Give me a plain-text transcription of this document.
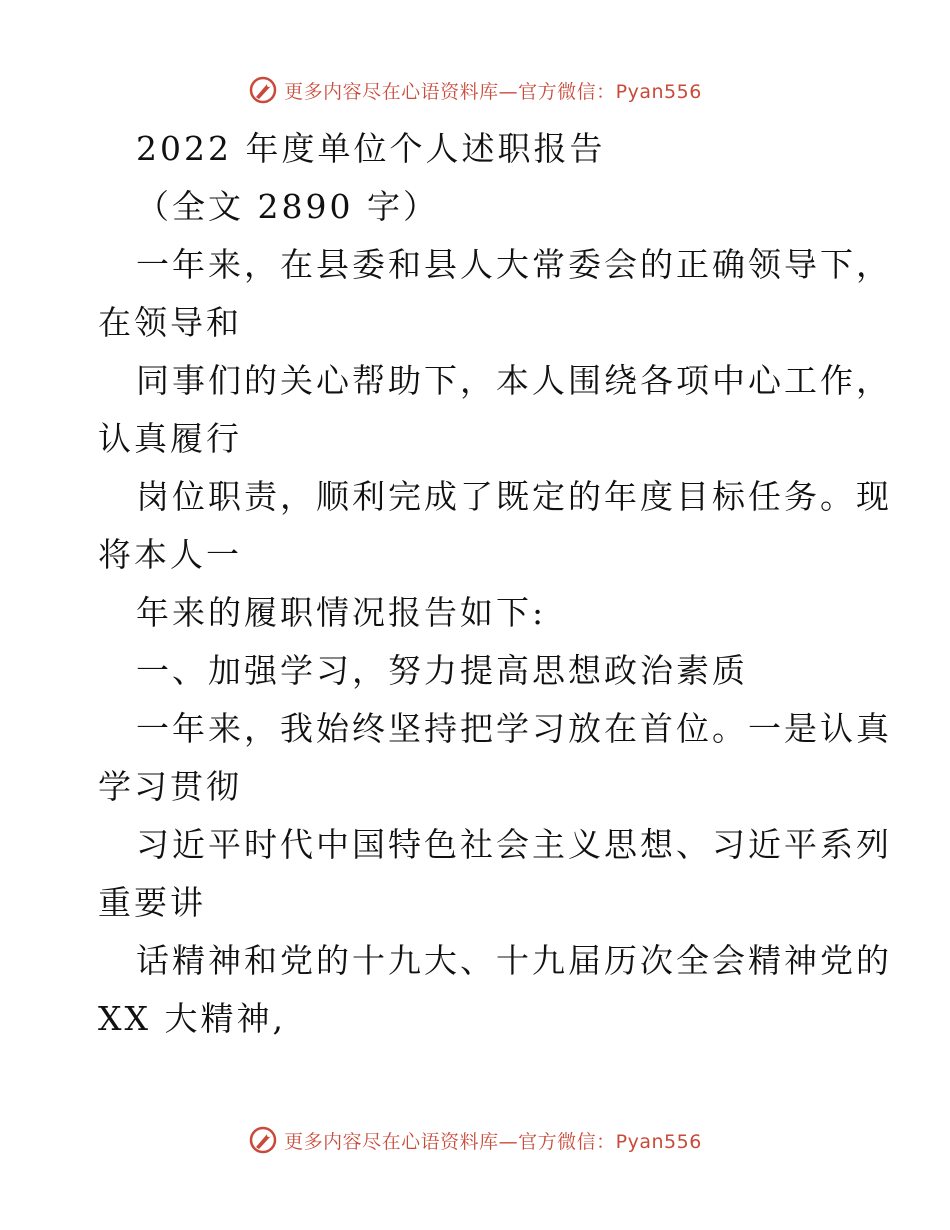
更多内容尽在心语资料库—官方微信：Pyan556
2022 年度单位个人述职报告
（全文 2890 字）
一年来，在县委和县人大常委会的正确领导下，
在领导和
同事们的关心帮助下，本人围绕各项中心工作，
认真履行
岗位职责，顺利完成了既定的年度目标任务。现
将本人一
年来的履职情况报告如下:
一、加强学习，努力提高思想政治素质
一年来，我始终坚持把学习放在首位。一是认真
学习贯彻
习近平时代中国特色社会主义思想、习近平系列
重要讲
话精神和党的十九大、十九届历次全会精神党的
XX 大精神,
更多内容尽在心语资料库—官方微信：Pyan556
